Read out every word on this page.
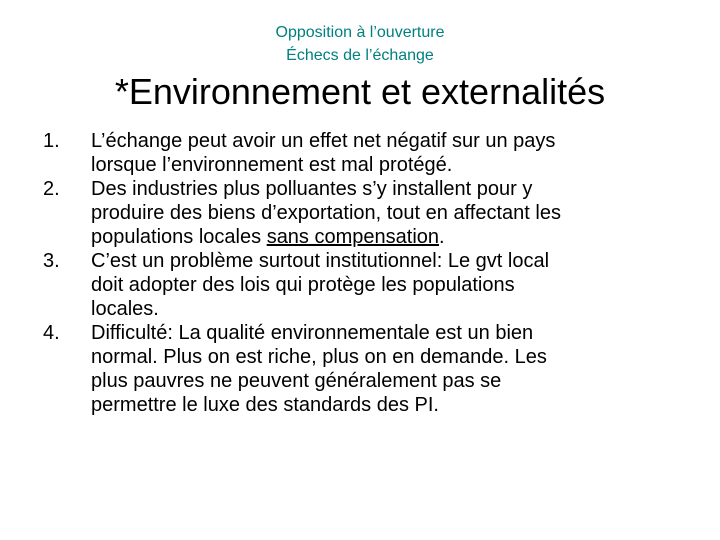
Opposition à l’ouverture
Échecs de l’échange
*Environnement et externalités
1.	L’échange peut avoir un effet net négatif sur un pays
lorsque l’environnement est mal protégé.
2.	Des industries plus polluantes s’y installent pour y
produire des biens d’exportation, tout en affectant les
populations locales sans compensation.
3.	C’est un problème surtout institutionnel: Le gvt local
doit adopter des lois qui protège les populations
locales.
4.	Difficulté: La qualité environnementale est un bien
normal. Plus on est riche, plus on en demande. Les
plus pauvres ne peuvent généralement pas se
permettre le luxe des standards des PI.
